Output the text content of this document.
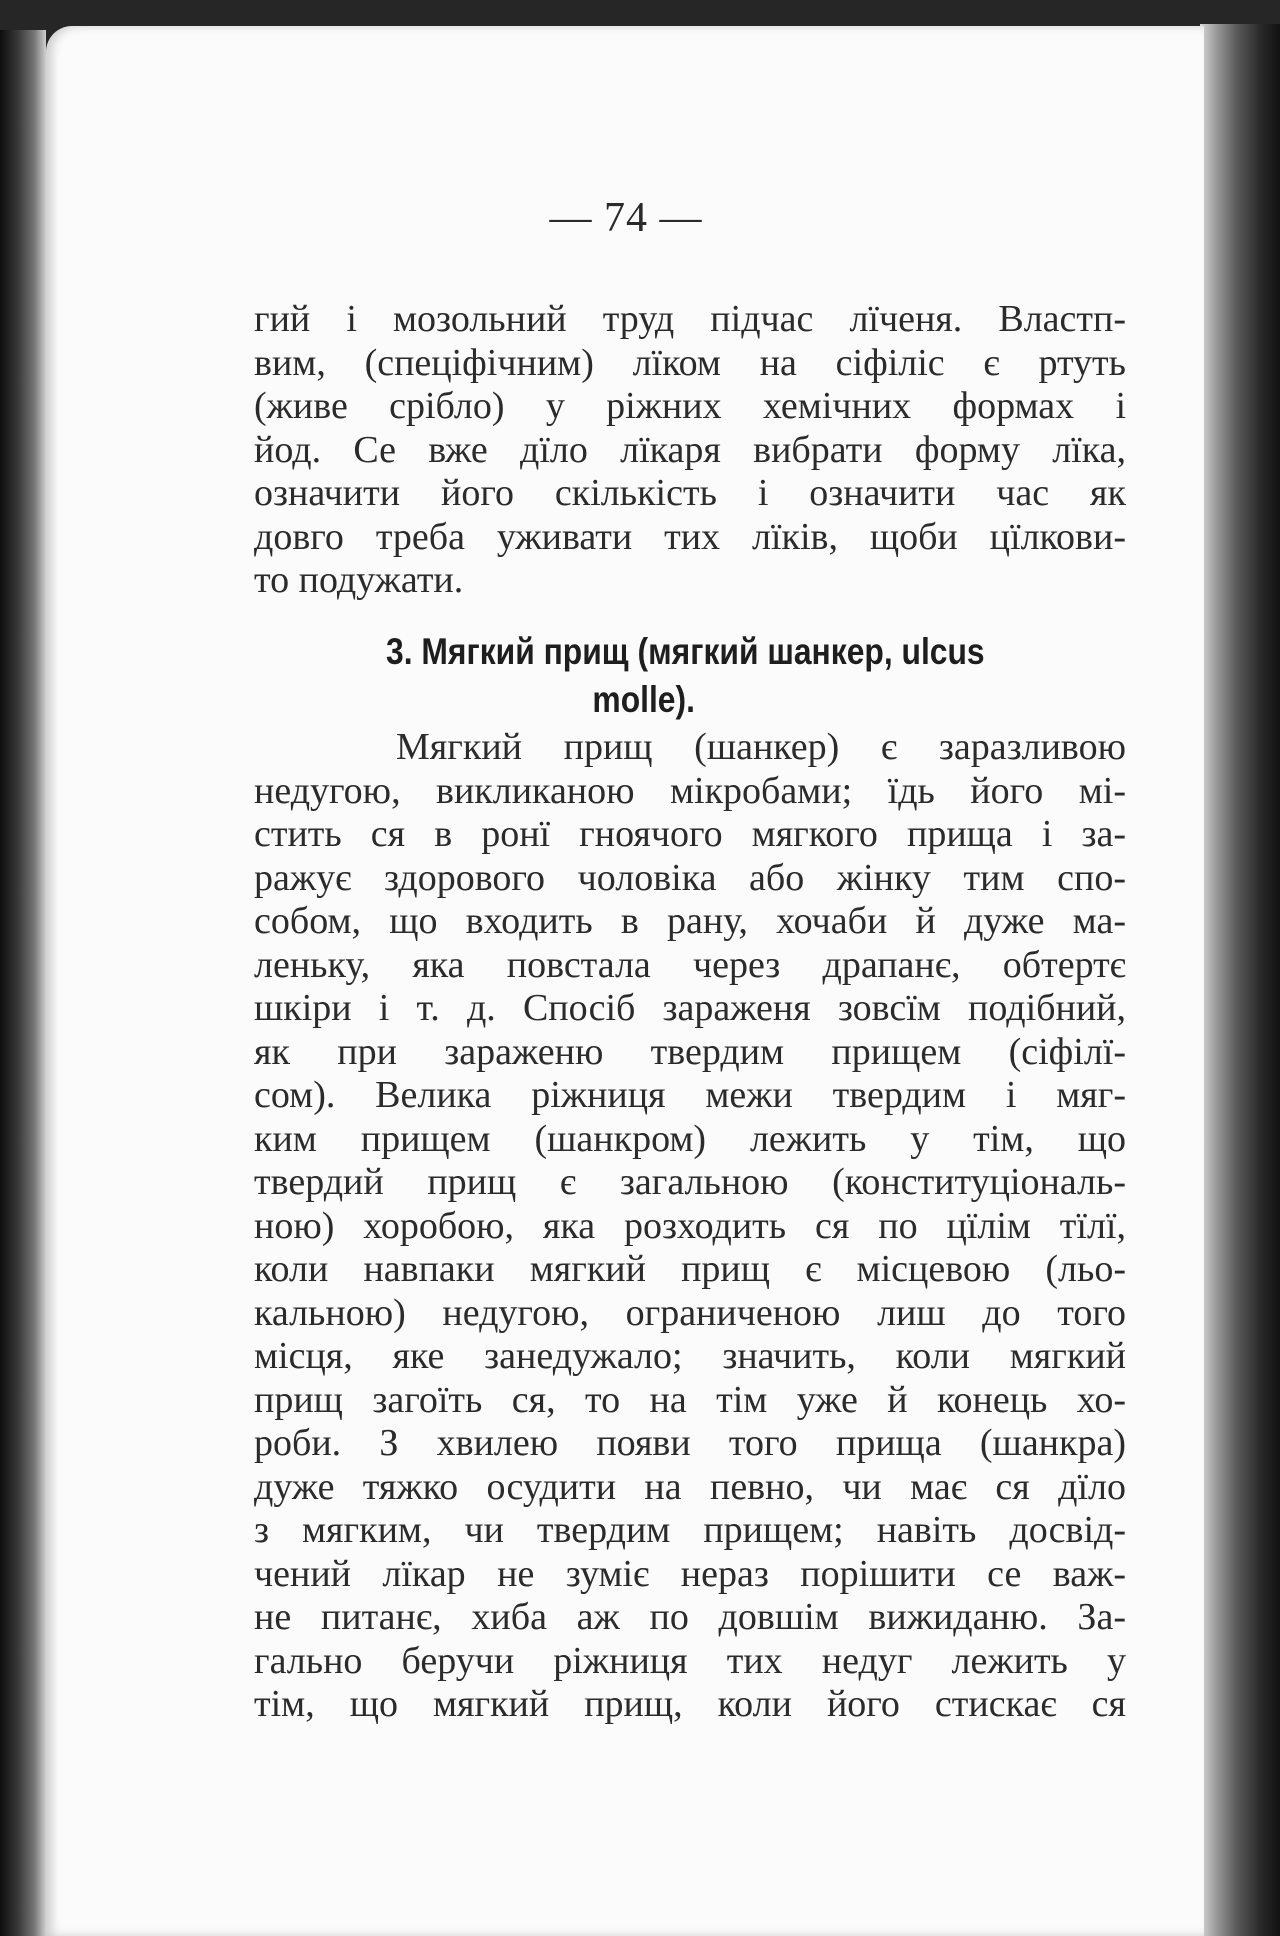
— 74 —
гий і мозольний труд підчас лїченя. Властп-
вим, (спеціфічним) лїком на сіфіліс є ртуть
(живе срібло) у ріжних хемічних формах і
йод. Се вже дїло лїкаря вибрати форму лїка,
означити його скількість і означити час як
довго треба уживати тих лїків, щоби цїлкови-
то подужати.
3. Мягкий прищ (мягкий шанкер, ulcus
molle).
Мягкий прищ (шанкер) є заразливою
недугою, викликаною мікробами; їдь його мі-
стить ся в ронї гноячого мягкого прища і за-
ражує здорового чоловіка або жінку тим спо-
собом, що входить в рану, хочаби й дуже ма-
леньку, яка повстала через драпанє, обтертє
шкіри і т. д. Спосіб зараженя зовсїм подібний,
як при зараженю твердим прищем (сіфілї-
сом). Велика ріжниця межи твердим і мяг-
ким прищем (шанкром) лежить у тім, що
твердий прищ є загальною (конституціональ-
ною) хоробою, яка розходить ся по цїлім тїлї,
коли навпаки мягкий прищ є місцевою (льо-
кальною) недугою, ограниченою лиш до того
місця, яке занедужало; значить, коли мягкий
прищ загоїть ся, то на тім уже й конець хо-
роби. З хвилею появи того прища (шанкра)
дуже тяжко осудити на певно, чи має ся дїло
з мягким, чи твердим прищем; навіть досвід-
чений лїкар не зуміє нераз порішити се важ-
не питанє, хиба аж по довшім вижиданю. За-
гально беручи ріжниця тих недуг лежить у
тім, що мягкий прищ, коли його стискає ся
